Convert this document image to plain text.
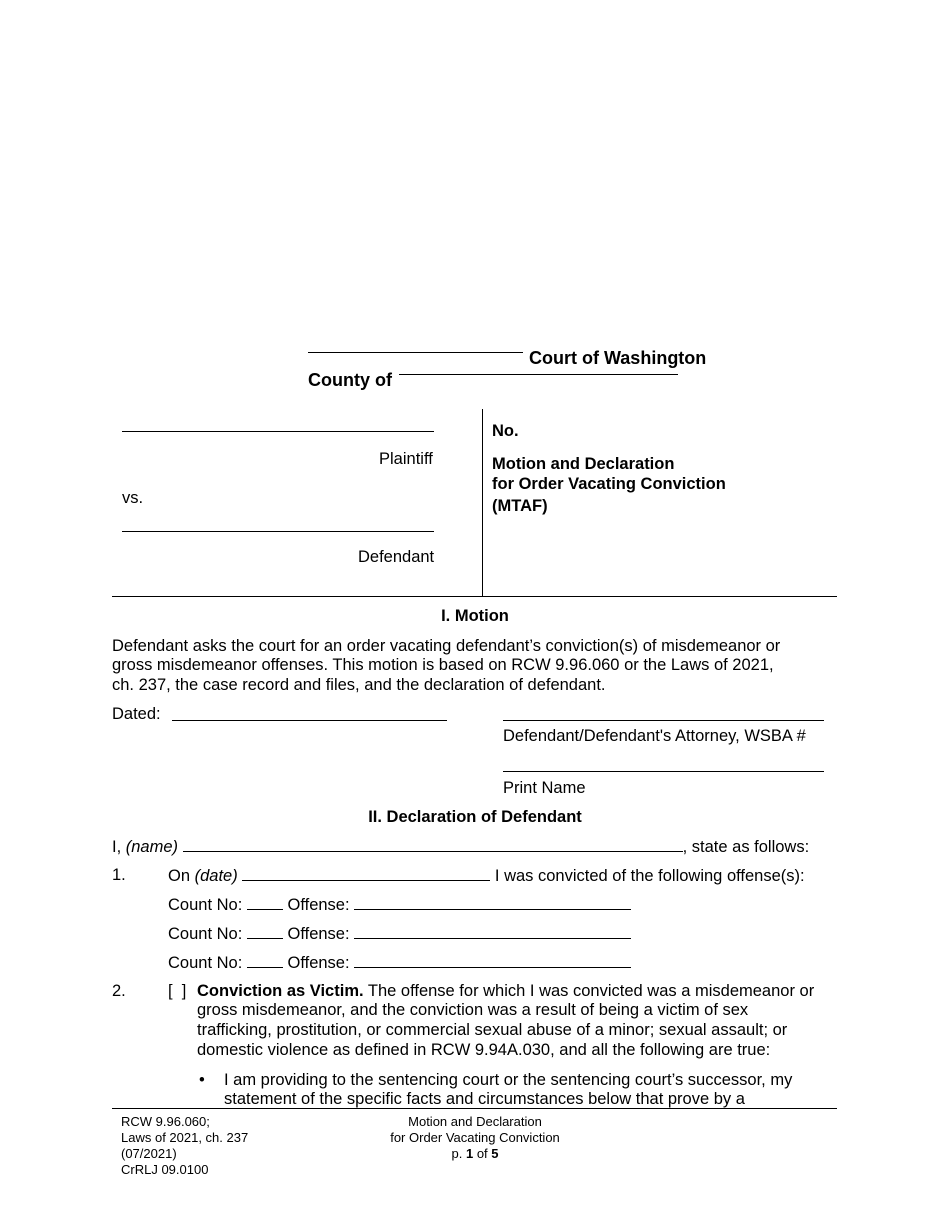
Court of Washington
County of
Plaintiff
vs.
Defendant
No.
Motion and Declaration
for Order Vacating Conviction
(MTAF)
I. Motion
Defendant asks the court for an order vacating defendant’s conviction(s) of misdemeanor or
gross misdemeanor offenses. This motion is based on RCW 9.96.060 or the Laws of 2021,
ch. 237, the case record and files, and the declaration of defendant.
Dated:
Defendant/Defendant's Attorney, WSBA #
Print Name
II. Declaration of Defendant
I, (name)	, state as follows:
1.	On (date)	I was convicted of the following offense(s):
Count No:	Offense:
Count No:	Offense:
Count No:	Offense:
2.	[  ] Conviction as Victim. The offense for which I was convicted was a misdemeanor or
gross misdemeanor, and the conviction was a result of being a victim of sex
trafficking, prostitution, or commercial sexual abuse of a minor; sexual assault; or
domestic violence as defined in RCW 9.94A.030, and all the following are true:
• I am providing to the sentencing court or the sentencing court’s successor, my
statement of the specific facts and circumstances below that prove by a
RCW 9.96.060;
Laws of 2021, ch. 237
(07/2021)
CrRLJ 09.0100
Motion and Declaration
for Order Vacating Conviction
p. 1 of 5
